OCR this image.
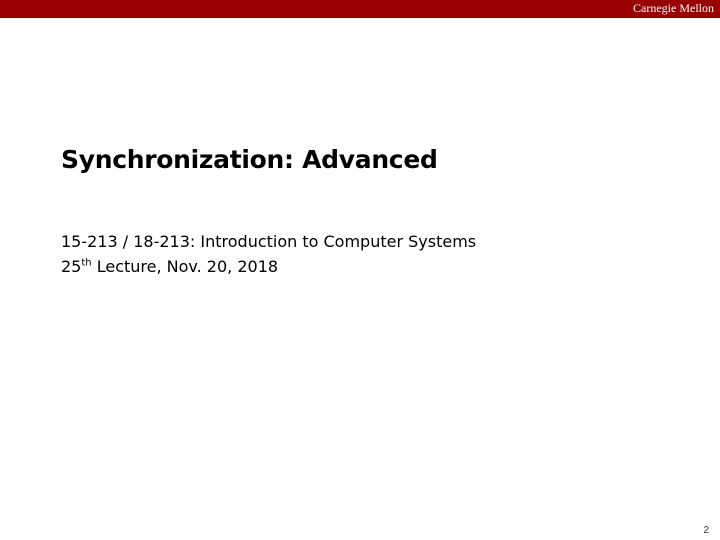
Carnegie Mellon
Synchronization: Advanced
15-213 / 18-213: Introduction to Computer Systems
25th Lecture, Nov. 20, 2018
2
